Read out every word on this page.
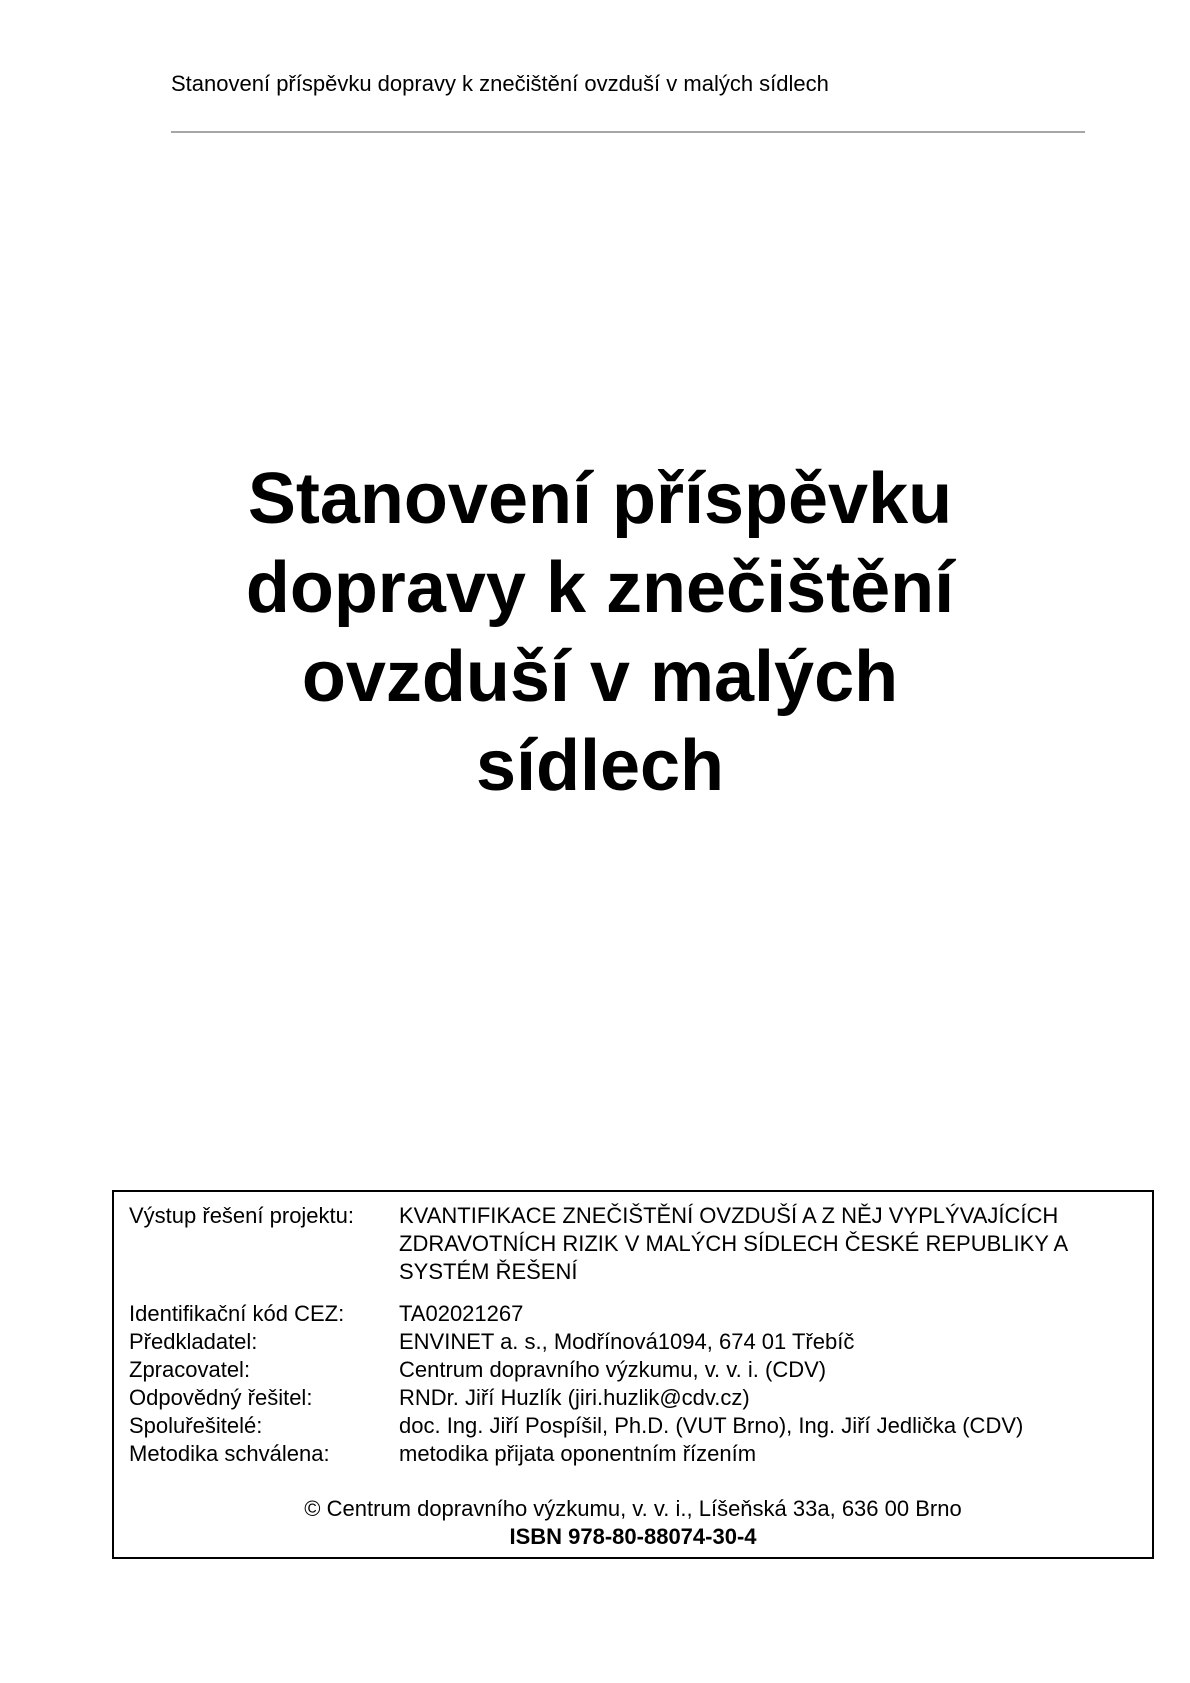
Stanovení příspěvku dopravy k znečištění ovzduší v malých sídlech
Stanovení příspěvku
dopravy k znečištění
ovzduší v malých
sídlech
Výstup řešení projektu:	KVANTIFIKACE ZNEČIŠTĚNÍ OVZDUŠÍ A Z NĚJ VYPLÝVAJÍCÍCH
ZDRAVOTNÍCH RIZIK V MALÝCH SÍDLECH ČESKÉ REPUBLIKY A
SYSTÉM ŘEŠENÍ
Identifikační kód CEZ:	TA02021267
Předkladatel:	ENVINET a. s., Modřínová1094, 674 01 Třebíč
Zpracovatel:	Centrum dopravního výzkumu, v. v. i. (CDV)
Odpovědný řešitel:	RNDr. Jiří Huzlík (jiri.huzlik@cdv.cz)
Spoluřešitelé:	doc. Ing. Jiří Pospíšil, Ph.D. (VUT Brno), Ing. Jiří Jedlička (CDV)
Metodika schválena:	metodika přijata oponentním řízením
© Centrum dopravního výzkumu, v. v. i., Líšeňská 33a, 636 00 Brno
ISBN 978-80-88074-30-4
